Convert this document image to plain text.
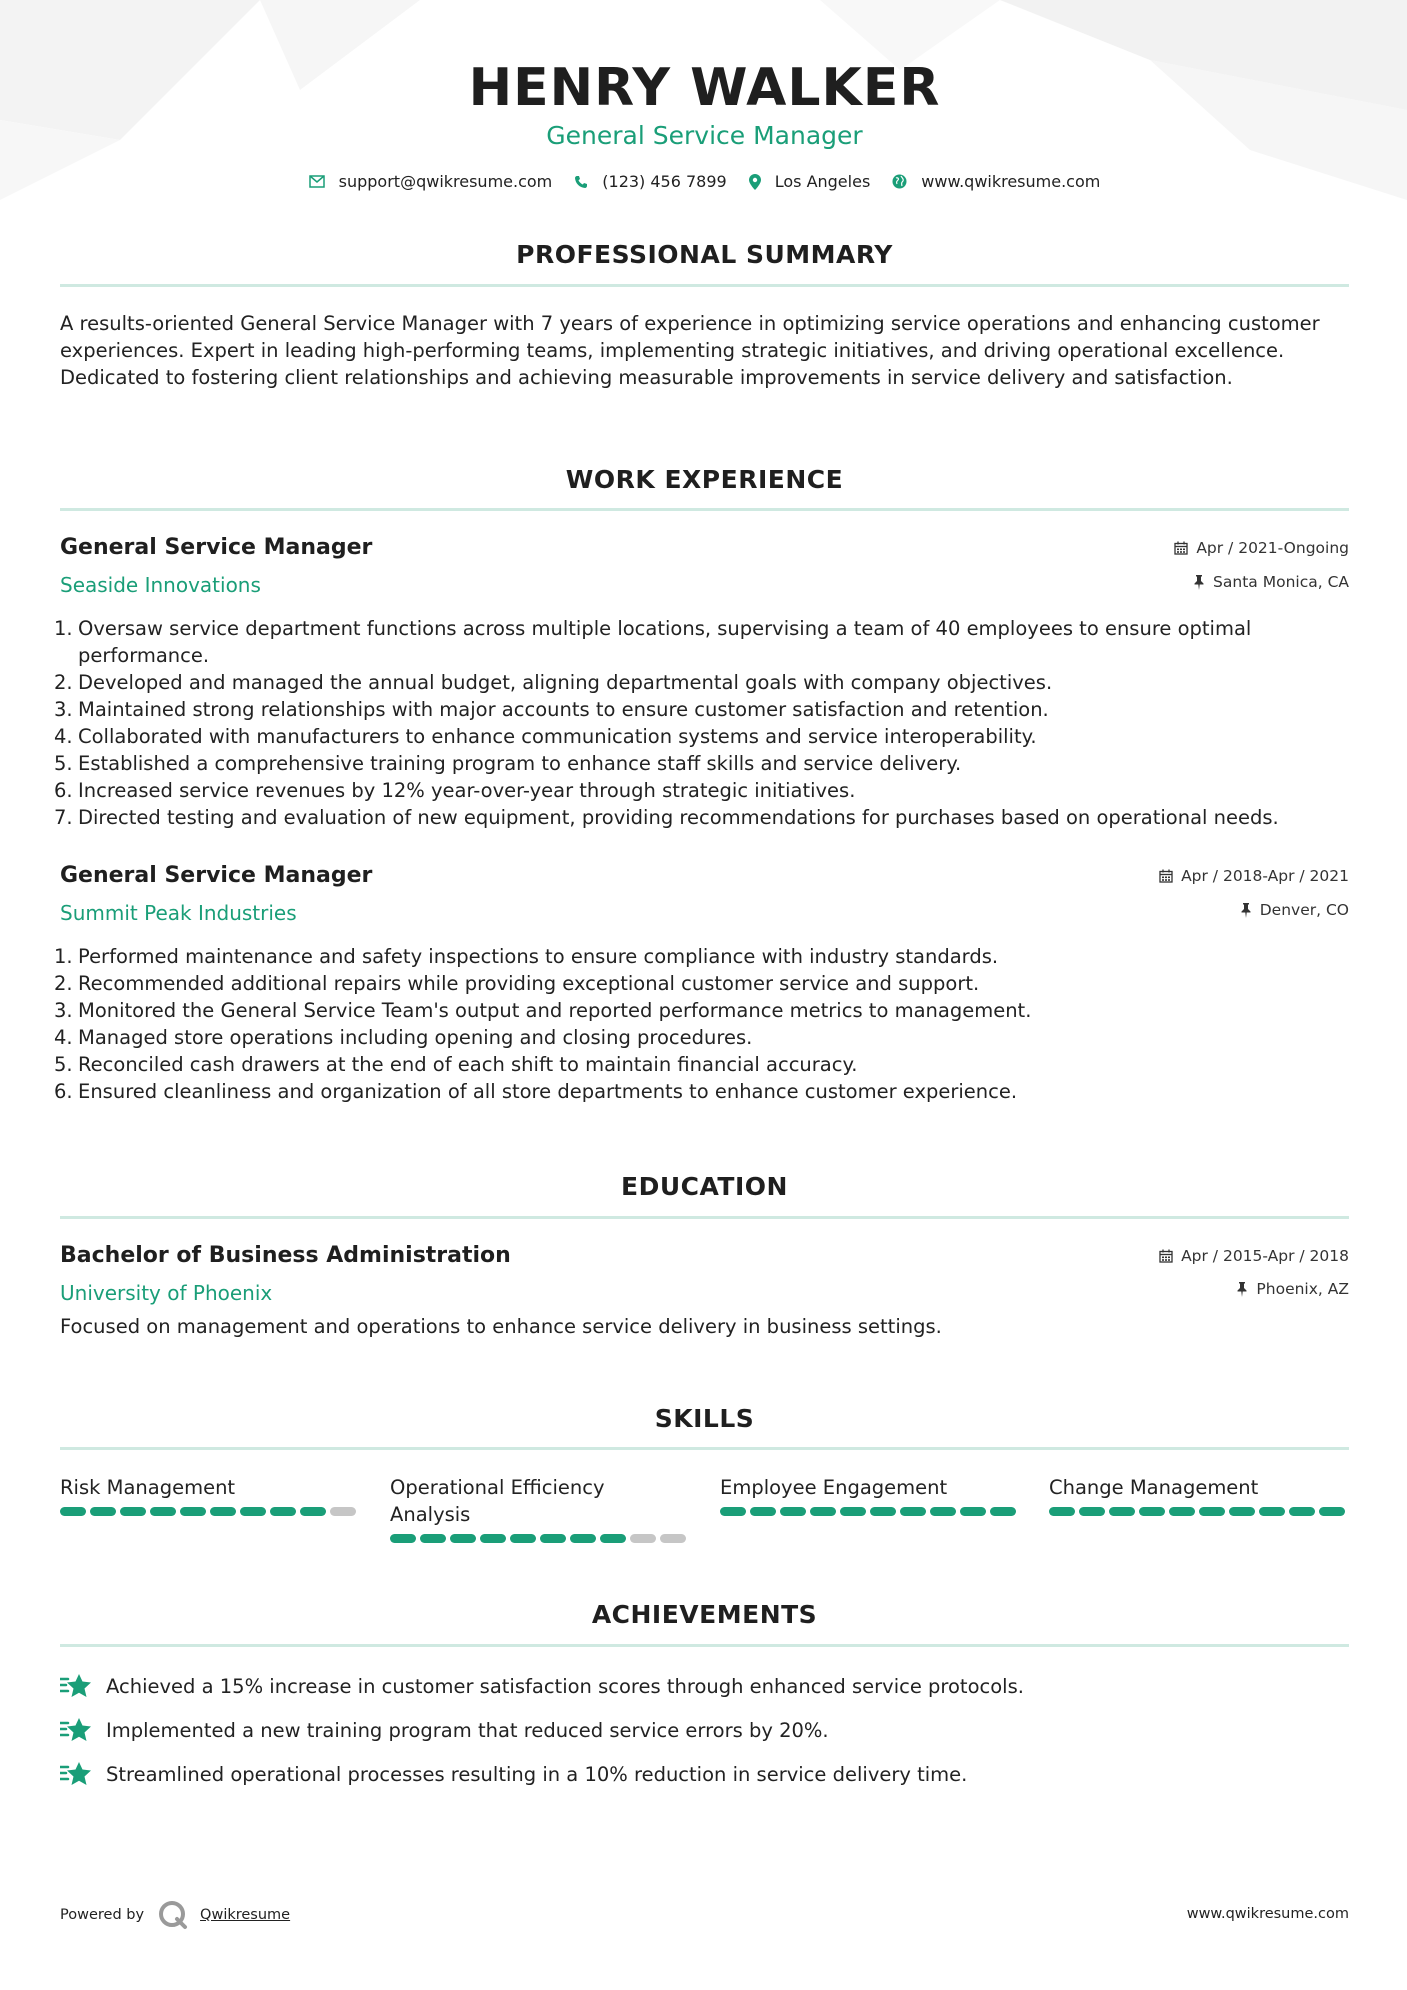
HENRY WALKER
General Service Manager
support@qwikresume.com	(123) 456 7899	Los Angeles	www.qwikresume.com
PROFESSIONAL SUMMARY
A results-oriented General Service Manager with 7 years of experience in optimizing service operations and enhancing customer experiences. Expert in leading high-performing teams, implementing strategic initiatives, and driving operational excellence. Dedicated to fostering client relationships and achieving measurable improvements in service delivery and satisfaction.
WORK EXPERIENCE
General Service Manager
Seaside Innovations
Apr / 2021-Ongoing
Santa Monica, CA
1. Oversaw service department functions across multiple locations, supervising a team of 40 employees to ensure optimal performance.
2. Developed and managed the annual budget, aligning departmental goals with company objectives.
3. Maintained strong relationships with major accounts to ensure customer satisfaction and retention.
4. Collaborated with manufacturers to enhance communication systems and service interoperability.
5. Established a comprehensive training program to enhance staff skills and service delivery.
6. Increased service revenues by 12% year-over-year through strategic initiatives.
7. Directed testing and evaluation of new equipment, providing recommendations for purchases based on operational needs.
General Service Manager
Summit Peak Industries
Apr / 2018-Apr / 2021
Denver, CO
1. Performed maintenance and safety inspections to ensure compliance with industry standards.
2. Recommended additional repairs while providing exceptional customer service and support.
3. Monitored the General Service Team's output and reported performance metrics to management.
4. Managed store operations including opening and closing procedures.
5. Reconciled cash drawers at the end of each shift to maintain financial accuracy.
6. Ensured cleanliness and organization of all store departments to enhance customer experience.
EDUCATION
Bachelor of Business Administration
University of Phoenix
Apr / 2015-Apr / 2018
Phoenix, AZ
Focused on management and operations to enhance service delivery in business settings.
SKILLS
Risk Management	Operational Efficiency Analysis
Employee Engagement	Change Management
ACHIEVEMENTS
Achieved a 15% increase in customer satisfaction scores through enhanced service protocols.
Implemented a new training program that reduced service errors by 20%.
Streamlined operational processes resulting in a 10% reduction in service delivery time.
Powered by	Qwikresume	www.qwikresume.com
